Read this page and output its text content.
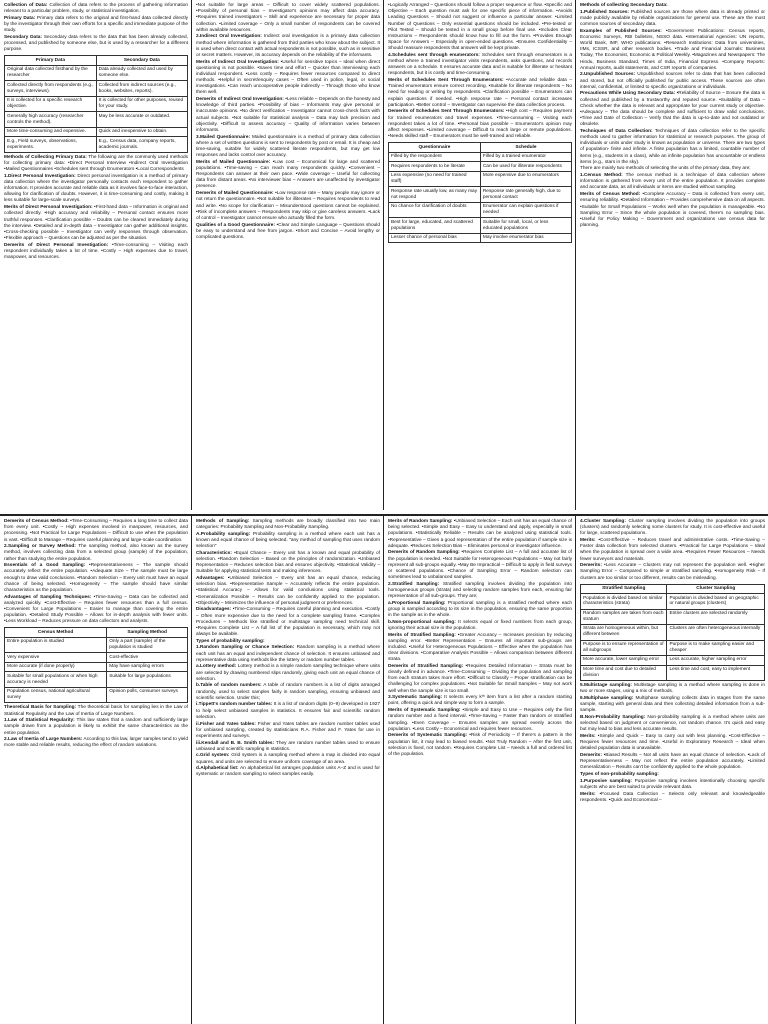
Collection of Data: Collection of data refers to the process of gathering information relevant to a particular problem, study, or statistical investigation.

Primary Data: Primary data refers to the original and first-hand data collected directly by the investigator through their own efforts for a specific and immediate purpose of the study.

Secondary Data: Secondary data refers to the data that has been already collected, processed, and published by someone else, but is used by a researcher for a different purpose.

Primary Data	Secondary Data
Original data collected firsthand by the researcher	Data already collected and used by someone else.
Collected directly from respondents (e.g., surveys, interviews).	Collected from indirect sources (e.g., books, websites, reports).
It is collected for a specific research objective.	It is collected for other purposes, reused for your study.
Generally high accuracy (researcher controls the method).	May be less accurate or outdated.
More time-consuming and expensive.	Quick and inexpensive to obtain.
E.g., Field surveys, observations, experiments.	E.g., Census data, company reports, academic journals.

Methods of Collecting Primary Data: The following are the commonly used methods for collecting primary data: •Direct Personal Interview •Indirect Oral Investigation •Mailed Questionnaires •Schedules sent through Enumerators •Local Correspondents

1.Direct Personal Investigation: Direct personal investigation is a method of primary data collection where the investigator personally contacts each respondent to gather information. It provides accurate and reliable data as it involves face-to-face interaction, allowing for clarification of doubts. However, it is time-consuming and costly, making it less suitable for large-scale surveys.

Merits of Direct Personal Investigation: •First-hand data – Information is original and collected directly. •High accuracy and reliability – Personal contact ensures more truthful responses. •Clarification possible – Doubts can be cleared immediately during the interview. •Detailed and in-depth data – Investigator can gather additional insights. •Cross-checking possible – Investigator can verify responses through observation. •Flexible approach – Questions can be adjusted as per the situation.

Demerits of Direct Personal Investigation: •Time-consuming – Visiting each respondent individually takes a lot of time. •Costly – High expenses due to travel, manpower, and resources.

•Not suitable for large areas – Difficult to cover widely scattered populations. •Possibility of personal bias – Investigator's opinions may affect data accuracy. •Requires trained investigators – Skill and experience are necessary for proper data collection. •Limited coverage – Only a small number of respondents can be covered within available resources.

2.Indirect Oral Investigation: Indirect oral investigation is a primary data collection method where information is gathered from third parties who know about the subject. It is used when direct contact with actual respondents is not possible, such as in sensitive or secret matters. However, its accuracy depends on the reliability of the informants.

Merits of Indirect Oral Investigation: •Useful for sensitive topics – Ideal when direct questioning is not possible. •Saves time and effort – Quicker than interviewing each individual respondent. •Less costly – Requires fewer resources compared to direct methods. •Helpful in secret/enquiry cases – Often used in police, legal, or social investigations. •Can reach uncooperative people indirectly – Through those who know them well.

Demerits of Indirect Oral Investigation: •Less reliable – Depends on the honesty and knowledge of third parties. •Possibility of bias – Informants may give personal or inaccurate opinions. •No direct verification – Investigator cannot cross-check facts with actual subjects. •Not suitable for statistical analysis – Data may lack precision and objectivity. •Difficult to assess accuracy – Quality of information varies between informants.

3.Mailed Questionnaire: Mailed questionnaire is a method of primary data collection where a set of written questions is sent to respondents by post or email. It is cheap and time-saving, suitable for widely scattered literate respondents, but may get low responses and lacks control over accuracy.

Merits of Mailed Questionnaire: •Low cost – Economical for large and scattered populations. •Time-saving – Can reach many respondents quickly. •Convenient – Respondents can answer at their own pace. •Wide coverage – Useful for collecting data from distant areas. •No interviewer bias – Answers are unaffected by investigator presence.

Demerits of Mailed Questionnaire: •Low response rate – Many people may ignore or not return the questionnaire. •Not suitable for illiterates – Requires respondents to read and write. •No scope for clarification – Misunderstood questions cannot be explained. •Risk of incomplete answers – Respondents may skip or give careless answers. •Lack of control – Investigator cannot ensure who actually filled the form.

Qualities of a Good Questionnaire: •Clear and Simple Language – Questions should be easy to understand and free from jargon. •Short and Concise – Avoid lengthy or complicated questions.

•Logically Arranged – Questions should follow a proper sequence or flow. •Specific and Objective – Each question must ask for one specific piece of information. •Avoids Leading Questions – Should not suggest or influence a particular answer. •Limited Number of Questions – Only essential questions should be included. •Pre-tested or Pilot Tested – Should be tested in a small group before final use. •Includes Clear Instructions – Respondents should know how to fill out the form. •Provides Enough Space for Answers – Especially in open-ended questions. •Ensures Confidentiality – Should reassure respondents that answers will be kept private.

4.Schedules sent through enumerators: Schedules sent through enumerators is a method where a trained investigator visits respondents, asks questions, and records answers on a schedule. It ensures accurate data and is suitable for illiterate or hesitant respondents, but it is costly and time-consuming.

Merits of Schedules Sent Through Enumerators: •Accurate and reliable data – Trained enumerators ensure correct recording. •Suitable for illiterate respondents – No need for reading or writing by respondents. •Clarification possible – Enumerators can explain questions if needed. •High response rate – Personal contact increases participation. •Better control – Investigator can supervise the data collection process.

Demerits of Schedules Sent Through Enumerators: •High cost – Requires payment for trained enumerators and travel expenses. •Time-consuming – Visiting each respondent takes a lot of time. •Personal bias possible – Enumerator's opinion may affect responses. •Limited coverage – Difficult to reach large or remote populations. •Needs skilled staff – Enumerators must be well-trained and reliable.

Questionnaire	Schedule
Filled by the respondent	Filled by a trained enumerator
Requires respondents to be literate	Can be used for illiterate respondents
Less expensive (no need for trained staff)	More expensive due to enumerators
Response rate usually low, as many may not respond	Response rate generally high, due to personal contact
No chance for clarification of doubts	Enumerator can explain questions if needed
Best for large, educated, and scattered populations	Suitable for small, local, or less educated populations
Lesser chance of personal bias	May involve enumerator bias

Methods of collecting Secondary Data:

1.Published Sources: Published sources are those where data is already printed or made publicly available by reliable organizations for general use. These are the most common sources of secondary data.

Examples of Published Sources: •Government Publications: Census reports, Economic Surveys, RBI bulletins, NSSO data. •International Agencies: UN reports, World Bank, IMF, WHO publications. •Research Institutions: Data from universities, IIMs, ICSSR, and other research bodies. •Trade and Financial Journals: Business Today, The Economist, Economic & Political Weekly. •Magazines and Newspapers: The Hindu, Business Standard, Times of India, Financial Express. •Company Reports: Annual reports, audit statements, and CSR reports of companies.

2.Unpublished Sources: Unpublished sources refer to data that has been collected and stored, but not officially published for public access. These sources are often internal, confidential, or limited to specific organizations or individuals.

Precautions While Using Secondary Data: •Reliability of Source – Ensure the data is collected and published by a trustworthy and reputed source. •Suitability of Data – Check whether the data is relevant and appropriate for your current study or objective. •Adequacy – The data should be complete and sufficient to draw valid conclusions. •Time and Date of Collection – Verify that the data is up-to-date and not outdated or obsolete.

Techniques of Data Collection: Techniques of data collection refer to the specific methods used to gather information for statistical or research purposes. The group of individuals or units under study is known as population or universe. There are two types of population- finite and infinite. A finite population has a limited, countable number of items (e.g., students in a class), while an infinite population has uncountable or endless items (e.g., stars in the sky).

There are mainly two methods of selecting the units of the primary data, they are;

1.Census Method: The census method is a technique of data collection where information is gathered from every unit of the entire population. It provides complete and accurate data, as all individuals or items are studied without sampling.

Merits of Census Method: •Complete Accuracy – Data is collected from every unit, ensuring reliability. •Detailed Information – Provides comprehensive data on all aspects. •Suitable for Small Populations – Works well when the population is manageable. •No Sampling Error – Since the whole population is covered, there's no sampling bias. •Useful for Policy Making – Government and organizations use census data for planning.

Demerits of Census Method: •Time-Consuming – Requires a long time to collect data from every unit. •Costly – High expenses involved in manpower, resources, and processing. •Not Practical for Large Populations – Difficult to use when the population is vast. •Difficult to Manage – Requires careful planning and large-scale coordination.

2.Sampling or Survey Method: The sampling method, also known as the survey method, involves collecting data from a selected group (sample) of the population, rather than studying the entire population.

Essentials of a Good Sampling: •Representativeness – The sample should accurately reflect the entire population. •Adequate Size – The sample must be large enough to draw valid conclusions. •Random Selection – Every unit must have an equal chance of being selected. •Homogeneity – The sample should have similar characteristics as the population.

Advantages of Sampling Techniques: •Time-Saving – Data can be collected and analyzed quickly. •Cost-Effective – Requires fewer resources than a full census. •Convenient for Large Populations – Easier to manage than covering the entire population. •Detailed Study Possible – Allows for in-depth analysis with fewer units. •Less Workload – Reduces pressure on data collectors and analysts.

Census Method	Sampling Method
Entire population is studied	Only a part (sample) of the population is studied
Very expensive	Cost-effective
More accurate (if done properly)	May have sampling errors
Suitable for small populations or when high accuracy is needed	Suitable for large populations
Population census, national agricultural survey	Opinion polls, consumer surveys

Theoretical Basis for Sampling: The theoretical basis for sampling lies in the Law of Statistical Regularity and the Law of Inertia of Large Numbers.

1.Law of Statistical Regularity: This law states that a random and sufficiently large sample drawn from a population is likely to exhibit the same characteristics as the entire population.

2.Law of Inertia of Large Numbers: According to this law, larger samples tend to yield more stable and reliable results, reducing the effect of random variations.

Methods of Sampling: Sampling methods are broadly classified into two main categories: Probability Sampling and Non-Probability Sampling.

A.Probability sampling: Probability sampling is a method where each unit has a known and equal chance of being selected. "any method of sampling that uses random selection"

Characteristics: •Equal Chance – Every unit has a known and equal probability of selection. •Random Selection – Based on the principles of randomization. •Unbiased Representation – Reduces selection bias and ensures objectivity. •Statistical Validity – Suitable for applying statistical tests and making inferences.

Advantages: •Unbiased Selection – Every unit has an equal chance, reducing selection bias. •Representative Sample – Accurately reflects the entire population. •Statistical Accuracy – Allows for valid conclusions using statistical tools. •Generalization Possible – Results can be confidently applied to the population. •Objectivity – Minimizes the influence of personal judgment or preferences.

Disadvantages: •Time-Consuming – Requires careful planning and execution. •Costly – Often more expensive due to the need for a complete sampling frame. •Complex Procedures – Methods like stratified or multistage sampling need technical skill. •Requires Complete List – A full list of the population is necessary, which may not always be available.

Types of probability sampling:

1.Random Sampling or Chance Selection: Random sampling is a method where each unit has an equal and independent chance of selection. It ensures unbiased and representative data using methods like the lottery or random number tables.

a.Lottery method: Lottery method is a simple random sampling technique where units are selected by drawing numbered slips randomly, giving each unit an equal chance of selection.

b.Table of random numbers: A table of random numbers is a list of digits arranged randomly, used to select samples fairly in random sampling, ensuring unbiased and scientific selection. Under this;

i.Tippett's random number tables: It is a list of random digits (0–9) developed in 1927 to help select unbiased samples in statistics. It ensures fair and scientific random selection.

ii.Fisher and Yates tables: Fisher and Yates tables are random number tables used for unbiased sampling, created by statisticians R.A. Fisher and F. Yates for use in experiments and surveys.

iii.Kendall and B. B. Smith tables: They are random number tables used to ensure unbiased and scientific sampling in statistics.

c.Grid system: Grid system is a sampling method where a map is divided into equal squares, and units are selected to ensure uniform coverage of an area.

d.Alphabetical list: An alphabetical list arranges population units A–Z and is used for systematic or random sampling to select samples easily.

Merits of Random Sampling: •Unbiased Selection – Each unit has an equal chance of being selected. •Simple and Easy – Easy to understand and apply, especially in small populations. •Statistically Reliable – Results can be analyzed using statistical tools. •Representative – Gives a good representation of the entire population if sample size is adequate. •Reduces Selection Bias – Eliminates personal or investigator influence.

Demerits of Random Sampling: •Requires Complete List – A full and accurate list of the population is needed. •Not Suitable for Heterogeneous Populations – May not fairly represent all sub-groups equally. •May Be Impractical – Difficult to apply in field surveys or scattered populations. •Chance of Sampling Error – Random selection can sometimes lead to unbalanced samples.

2.Stratified Sampling: Stratified sampling involves dividing the population into homogeneous groups (strata) and selecting random samples from each, ensuring fair representation of all sub-groups. They are;

a.Proportional Sampling: Proportional sampling is a stratified method where each group is sampled according to its size in the population, ensuring the same proportion in the sample as in the whole.

b.Non-proportional sampling: It selects equal or fixed numbers from each group, ignoring their actual size in the population.

Merits of Stratified Sampling: •Greater Accuracy – Increases precision by reducing sampling error. •Better Representation – Ensures all important sub-groups are included. •Useful for Heterogeneous Populations – Effective when the population has clear divisions. •Comparative Analysis Possible – Allows comparison between different strata.

Demerits of Stratified Sampling: •Requires Detailed Information – Strata must be clearly defined in advance. •Time-Consuming – Dividing the population and sampling from each stratum takes more effort. •Difficult to Classify – Proper stratification can be challenging for complex populations. •Not Suitable for Small Samples – May not work well when the sample size is too small.

3.Systematic Sampling: It selects every kᵗʰ item from a list after a random starting point, offering a quick and simple way to form a sample.

Merits of Systematic Sampling: •Simple and Easy to Use – Requires only the first random number and a fixed interval. •Time-Saving – Faster than random or stratified sampling. •Even Coverage – Ensures samples are spread evenly across the population. •Less Costly – Economical and requires fewer resources.

Demerits of Systematic Sampling: •Risk of Periodicity – If there's a pattern in the population list, it may lead to biased results. •Not Truly Random – After the first unit, selection is fixed, not random. •Requires Complete List – Needs a full and ordered list of the population.

4.Cluster Sampling: Cluster sampling involves dividing the population into groups (clusters) and randomly selecting some clusters for study. It is cost-effective and useful for large, scattered populations.

Merits: •Cost-Effective – Reduces travel and administrative costs. •Time-Saving – Faster data collection from selected clusters. •Practical for Large Populations – Ideal when the population is spread over a wide area. •Requires Fewer Resources – Needs fewer surveyors and materials.

Demerits: •Less Accurate – Clusters may not represent the population well. •Higher Sampling Error – Compared to simple or stratified sampling. •Homogeneity Risk – If clusters are too similar or too different, results can be misleading.

Stratified Sampling	Cluster Sampling
Population is divided based on similar characteristics (strata)	Population is divided based on geographic or natural groups (clusters)
Random samples are taken from each stratum	Entire clusters are selected randomly
Strata are homogeneous within, but different between	Clusters are often heterogeneous internally
Purpose is to ensure representation of all subgroups	Purpose is to make sampling easier and cheaper
More accurate, lower sampling error	Less accurate, higher sampling error
More time and cost due to detailed division	Less time and cost, easy to implement

5.Multistage sampling: Multistage sampling is a method where sampling is done in two or more stages, using a mix of methods.

6.Multiphase sampling: Multiphase sampling collects data in stages from the same sample, starting with general data and then collecting detailed information from a sub-sample.

B.Non-Probability Sampling: Non-probability sampling is a method where units are selected based on judgment or convenience, not random chance. It's quick and easy but may lead to bias and less accurate results.

Merits: •Simple and Quick – Easy to carry out with less planning. •Cost-Effective – Requires fewer resources and time. •Useful in Exploratory Research – Ideal when detailed population data is unavailable.

Demerits: •Biased Results – Not all units have an equal chance of selection. •Lack of Representativeness – May not reflect the entire population accurately. •Limited Generalization – Results can't be confidently applied to the whole population.

Types of non-probability sampling:

1.Purposive sampling: Purposive sampling involves intentionally choosing specific subjects who are best suited to provide relevant data.

Merits: •Focused Data Collection – Selects only relevant and knowledgeable respondents. •Quick and Economical –
